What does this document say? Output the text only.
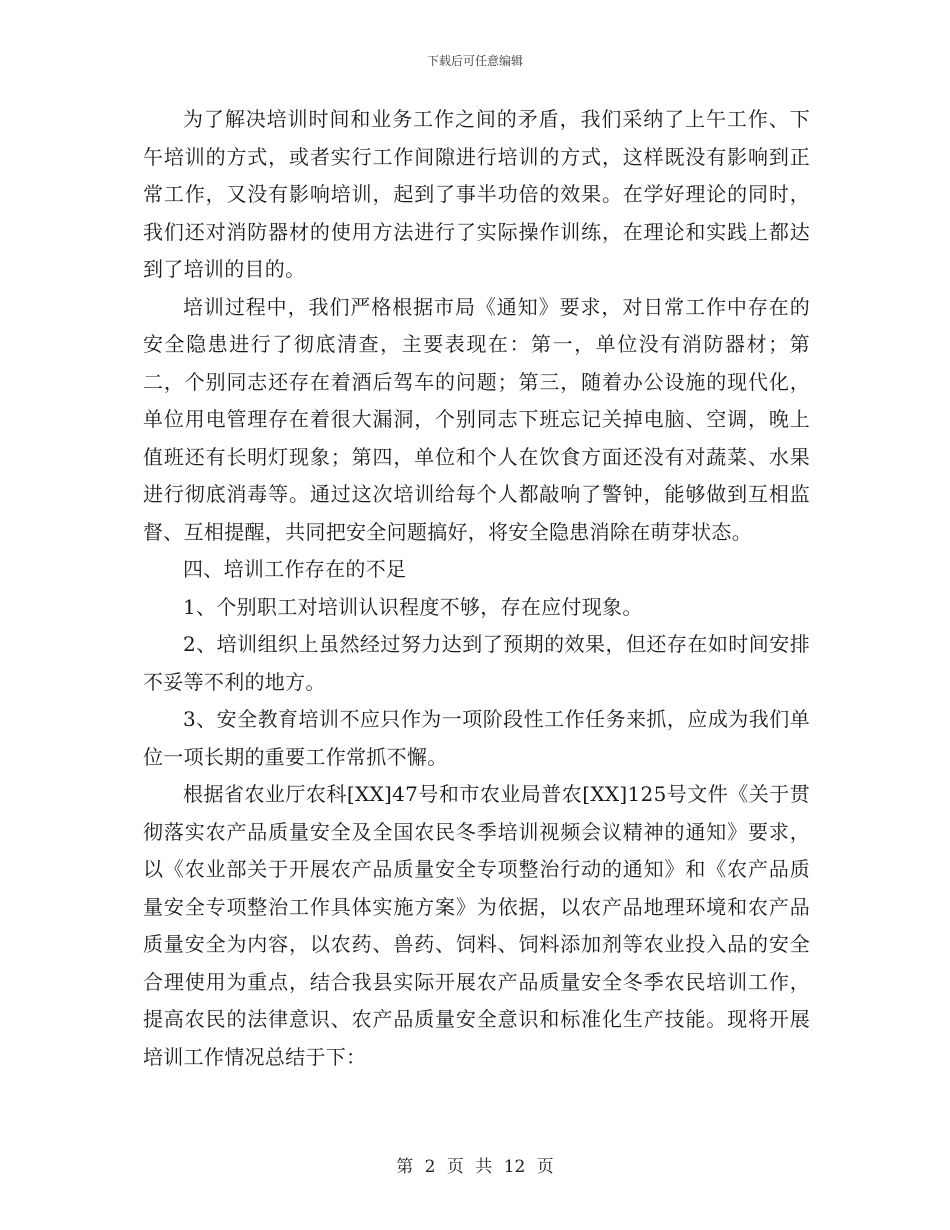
下载后可任意编辑

为了解决培训时间和业务工作之间的矛盾，我们采纳了上午工作、下午培训的方式，或者实行工作间隙进行培训的方式，这样既没有影响到正常工作，又没有影响培训，起到了事半功倍的效果。在学好理论的同时，我们还对消防器材的使用方法进行了实际操作训练，在理论和实践上都达到了培训的目的。

培训过程中，我们严格根据市局《通知》要求，对日常工作中存在的安全隐患进行了彻底清查，主要表现在：第一，单位没有消防器材；第二，个别同志还存在着酒后驾车的问题；第三，随着办公设施的现代化，单位用电管理存在着很大漏洞，个别同志下班忘记关掉电脑、空调，晚上值班还有长明灯现象；第四，单位和个人在饮食方面还没有对蔬菜、水果进行彻底消毒等。通过这次培训给每个人都敲响了警钟，能够做到互相监督、互相提醒，共同把安全问题搞好，将安全隐患消除在萌芽状态。

四、培训工作存在的不足

1、个别职工对培训认识程度不够，存在应付现象。

2、培训组织上虽然经过努力达到了预期的效果，但还存在如时间安排不妥等不利的地方。

3、安全教育培训不应只作为一项阶段性工作任务来抓，应成为我们单位一项长期的重要工作常抓不懈。

根据省农业厅农科[XX]47号和市农业局普农[XX]125号文件《关于贯彻落实农产品质量安全及全国农民冬季培训视频会议精神的通知》要求，以《农业部关于开展农产品质量安全专项整治行动的通知》和《农产品质量安全专项整治工作具体实施方案》为依据，以农产品地理环境和农产品质量安全为内容，以农药、兽药、饲料、饲料添加剂等农业投入品的安全合理使用为重点，结合我县实际开展农产品质量安全冬季农民培训工作，提高农民的法律意识、农产品质量安全意识和标准化生产技能。现将开展培训工作情况总结于下：

第 2 页 共 12 页
